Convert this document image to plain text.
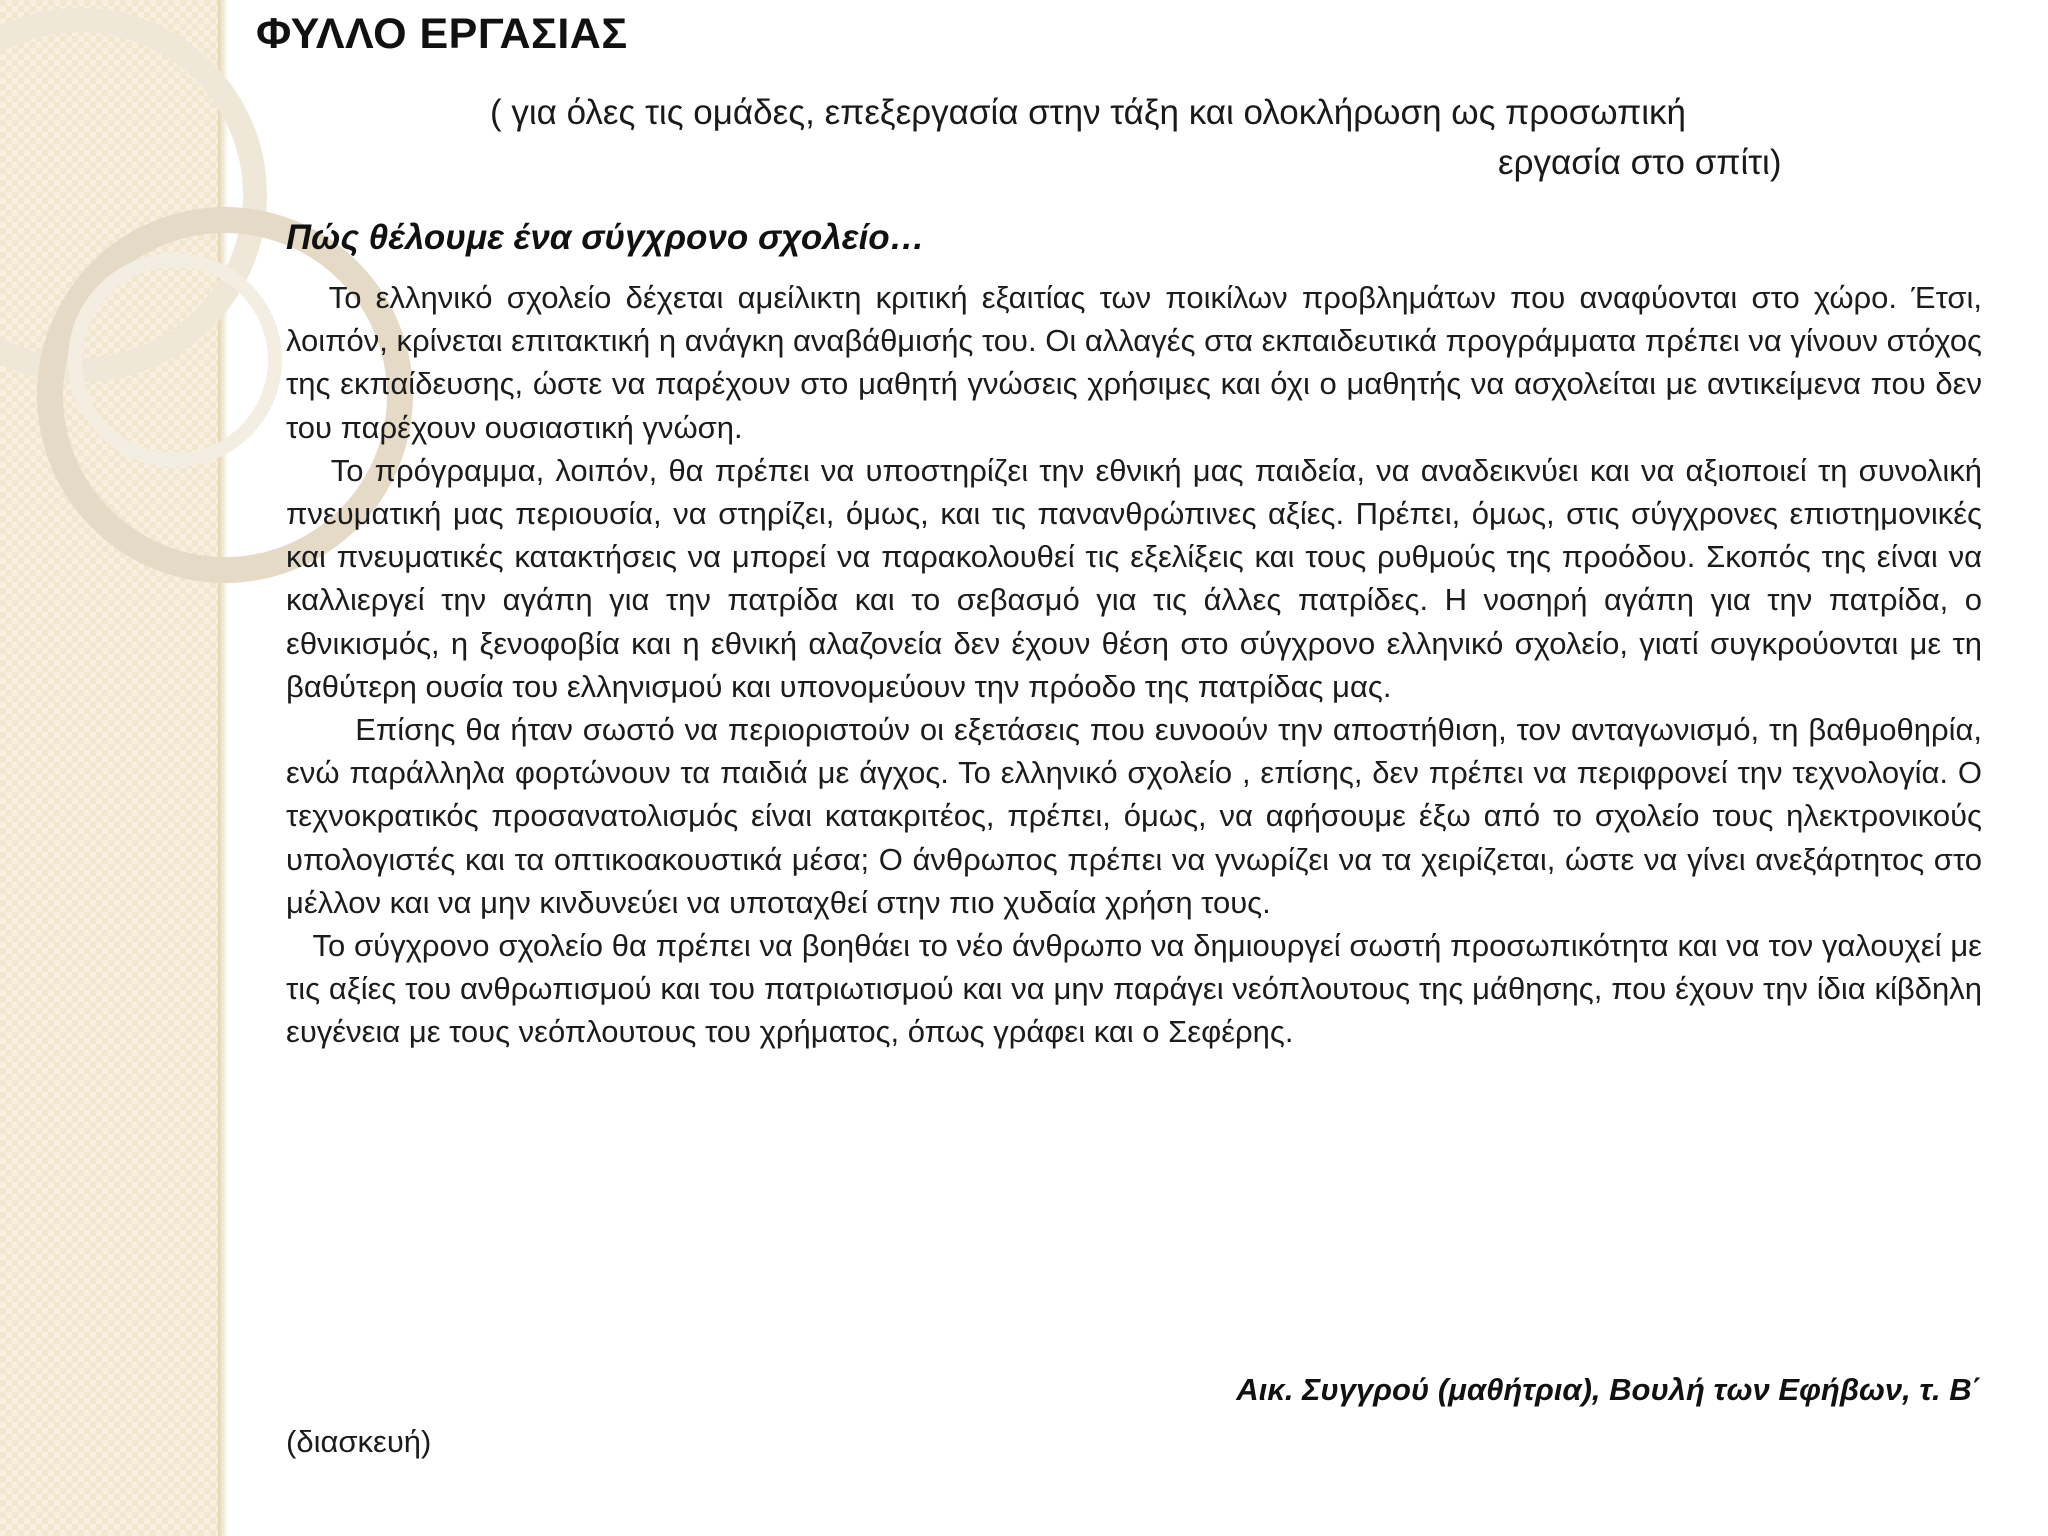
ΦΥΛΛΟ ΕΡΓΑΣΙΑΣ
( για όλες τις ομάδες, επεξεργασία στην τάξη και ολοκλήρωση ως προσωπική
εργασία στο σπίτι)
Πώς θέλουμε ένα σύγχρονο σχολείο…

Το ελληνικό σχολείο δέχεται αμείλικτη κριτική εξαιτίας των ποικίλων προβλημάτων που αναφύονται στο χώρο. Έτσι, λοιπόν, κρίνεται επιτακτική η ανάγκη αναβάθμισής του. Οι αλλαγές στα εκπαιδευτικά προγράμματα πρέπει να γίνουν στόχος της εκπαίδευσης, ώστε να παρέχουν στο μαθητή γνώσεις χρήσιμες και όχι ο μαθητής να ασχολείται με αντικείμενα που δεν του παρέχουν ουσιαστική γνώση.

Το πρόγραμμα, λοιπόν, θα πρέπει να υποστηρίζει την εθνική μας παιδεία, να αναδεικνύει και να αξιοποιεί τη συνολική πνευματική μας περιουσία, να στηρίζει, όμως, και τις πανανθρώπινες αξίες. Πρέπει, όμως, στις σύγχρονες επιστημονικές και πνευματικές κατακτήσεις να μπορεί να παρακολουθεί τις εξελίξεις και τους ρυθμούς της προόδου. Σκοπός της είναι να καλλιεργεί την αγάπη για την πατρίδα και το σεβασμό για τις άλλες πατρίδες. Η νοσηρή αγάπη για την πατρίδα, ο εθνικισμός, η ξενοφοβία και η εθνική αλαζονεία δεν έχουν θέση στο σύγχρονο ελληνικό σχολείο, γιατί συγκρούονται με τη βαθύτερη ουσία του ελληνισμού και υπονομεύουν την πρόοδο της πατρίδας μας.

Επίσης θα ήταν σωστό να περιοριστούν οι εξετάσεις που ευνοούν την αποστήθιση, τον ανταγωνισμό, τη βαθμοθηρία, ενώ παράλληλα φορτώνουν τα παιδιά με άγχος. Το ελληνικό σχολείο , επίσης, δεν πρέπει να περιφρονεί την τεχνολογία. Ο τεχνοκρατικός προσανατολισμός είναι κατακριτέος, πρέπει, όμως, να αφήσουμε έξω από το σχολείο τους ηλεκτρονικούς υπολογιστές και τα οπτικοακουστικά μέσα; Ο άνθρωπος πρέπει να γνωρίζει να τα χειρίζεται, ώστε να γίνει ανεξάρτητος στο μέλλον και να μην κινδυνεύει να υποταχθεί στην πιο χυδαία χρήση τους.

Το σύγχρονο σχολείο θα πρέπει να βοηθάει το νέο άνθρωπο να δημιουργεί σωστή προσωπικότητα και να τον γαλουχεί με τις αξίες του ανθρωπισμού και του πατριωτισμού και να μην παράγει νεόπλουτους της μάθησης, που έχουν την ίδια κίβδηλη ευγένεια με τους νεόπλουτους του χρήματος, όπως γράφει και ο Σεφέρης.

Αικ. Συγγρού (μαθήτρια), Βουλή των Εφήβων, τ. Β΄
(διασκευή)
